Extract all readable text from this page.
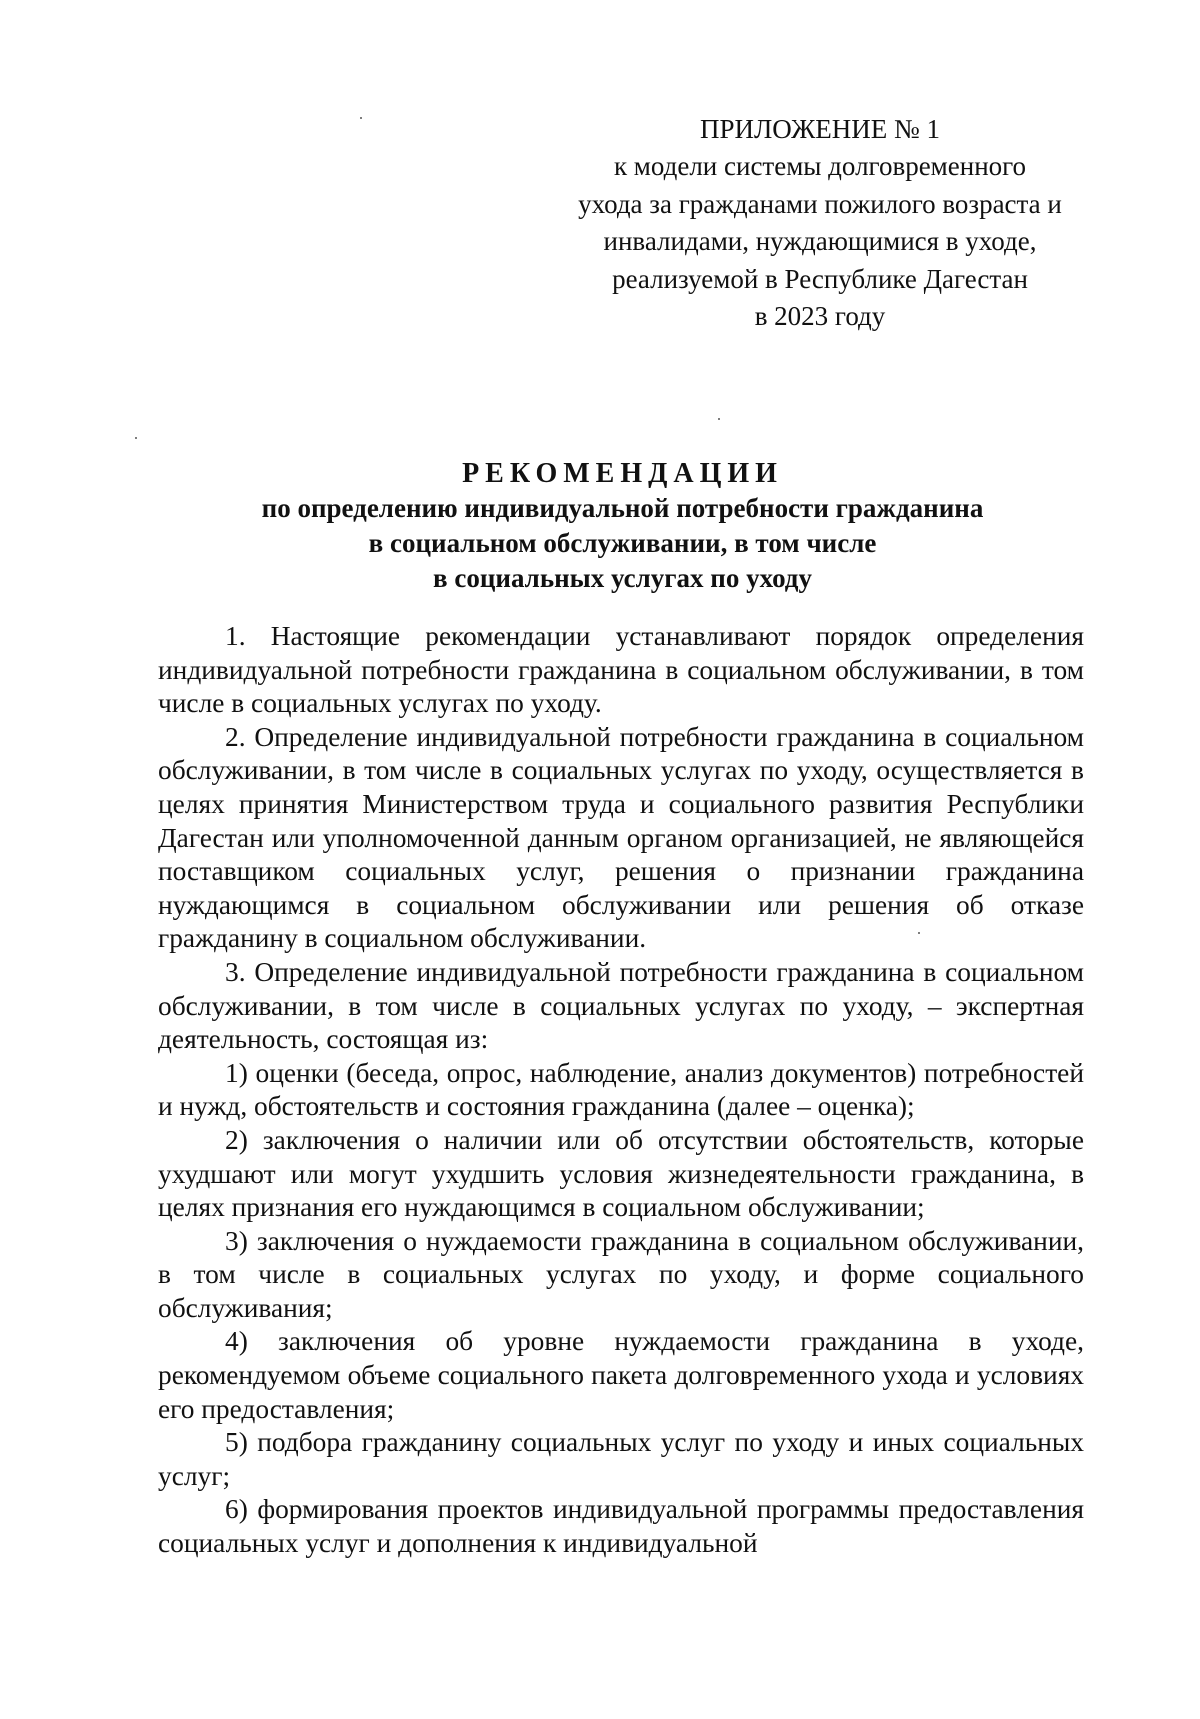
ПРИЛОЖЕНИЕ № 1
к модели системы долговременного
ухода за гражданами пожилого возраста и
инвалидами, нуждающимися в уходе,
реализуемой в Республике Дагестан
в 2023 году
РЕКОМЕНДАЦИИ
по определению индивидуальной потребности гражданина
в социальном обслуживании, в том числе
в социальных услугах по уходу

1. Настоящие рекомендации устанавливают порядок определения индивидуальной потребности гражданина в социальном обслуживании, в том числе в социальных услугах по уходу.

2. Определение индивидуальной потребности гражданина в социальном обслуживании, в том числе в социальных услугах по уходу, осуществляется в целях принятия Министерством труда и социального развития Республики Дагестан или уполномоченной данным органом организацией, не являющейся поставщиком социальных услуг, решения о признании гражданина нуждающимся в социальном обслуживании или решения об отказе гражданину в социальном обслуживании.

3. Определение индивидуальной потребности гражданина в социальном обслуживании, в том числе в социальных услугах по уходу, – экспертная деятельность, состоящая из:

1) оценки (беседа, опрос, наблюдение, анализ документов) потребностей и нужд, обстоятельств и состояния гражданина (далее – оценка);

2) заключения о наличии или об отсутствии обстоятельств, которые ухудшают или могут ухудшить условия жизнедеятельности гражданина, в целях признания его нуждающимся в социальном обслуживании;

3) заключения о нуждаемости гражданина в социальном обслуживании, в том числе в социальных услугах по уходу, и форме социального обслуживания;

4) заключения об уровне нуждаемости гражданина в уходе, рекомендуемом объеме социального пакета долговременного ухода и условиях его предоставления;

5) подбора гражданину социальных услуг по уходу и иных социальных услуг;

6) формирования проектов индивидуальной программы предоставления социальных услуг и дополнения к индивидуальной
